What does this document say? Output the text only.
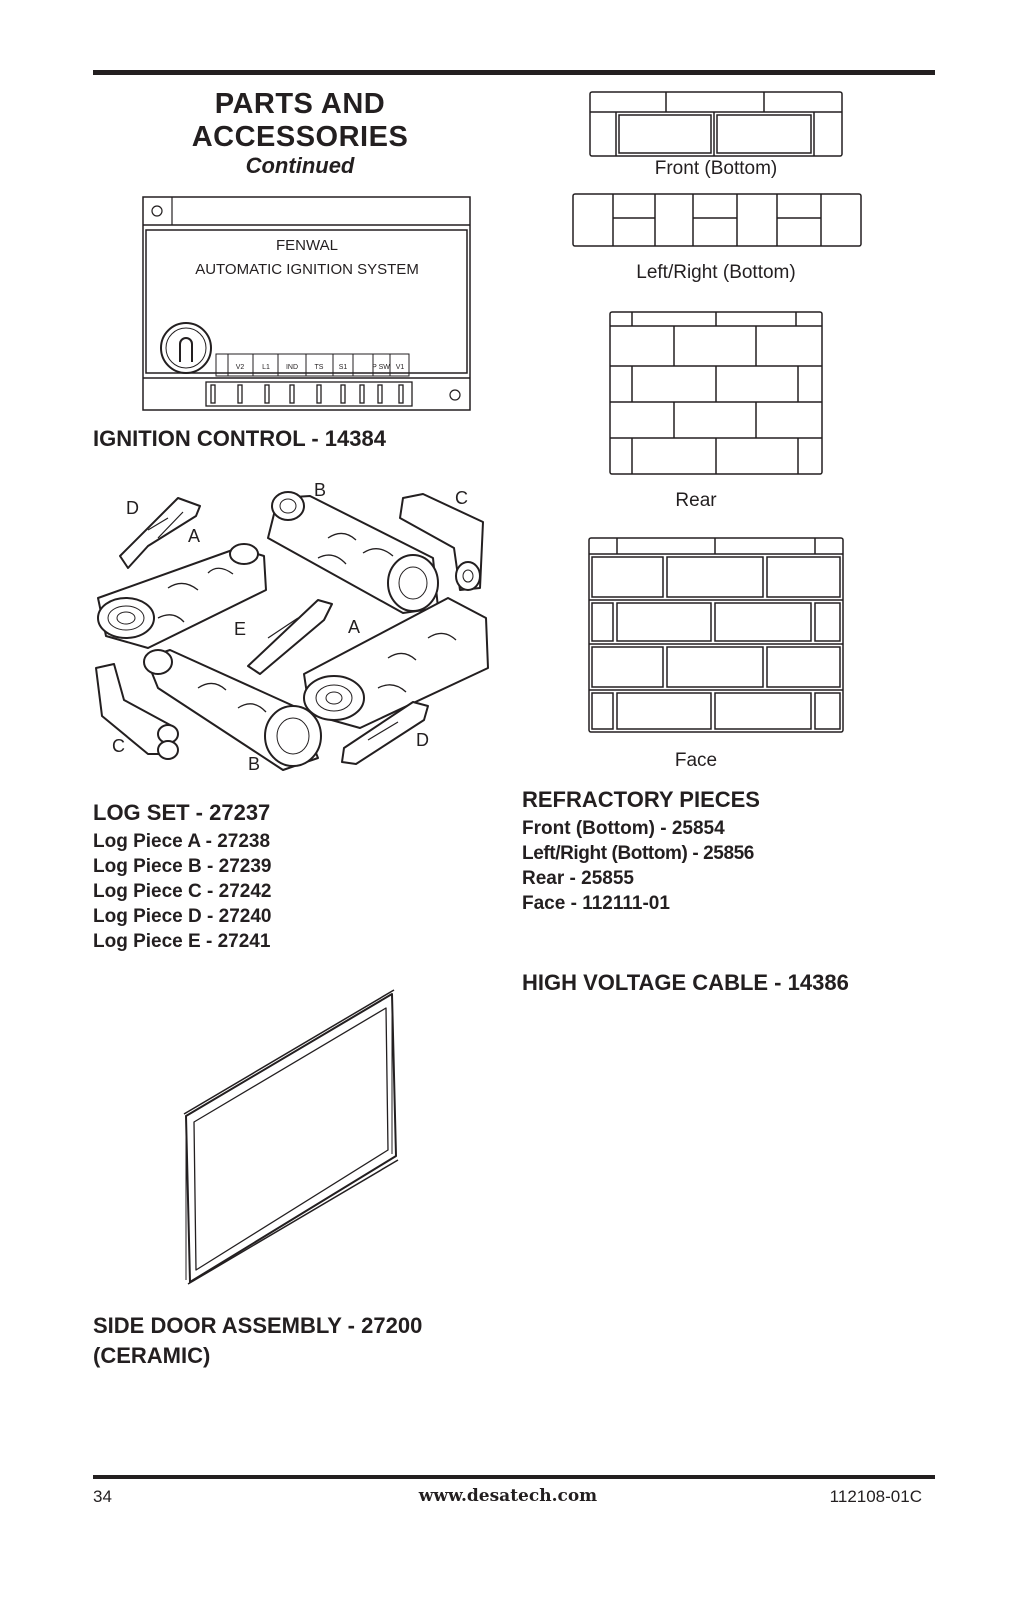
PARTS AND
ACCESSORIES
Continued
FENWAL
AUTOMATIC IGNITION SYSTEM
V2	L1 IND TS S1	P SW V1
IGNITION CONTROL - 14384
D
A
B	C
E	A
C
B
D
LOG SET - 27237
Log Piece A - 27238
Log Piece B - 27239
Log Piece C - 27242
Log Piece D - 27240
Log Piece E - 27241
SIDE DOOR ASSEMBLY - 27200
(CERAMIC)
Front (Bottom)
Left/Right (Bottom)
Rear
Face
REFRACTORY PIECES
Front (Bottom) - 25854
Left/Right (Bottom) - 25856
Rear - 25855
Face - 112111-01
HIGH VOLTAGE CABLE - 14386
34	www.desatech.com	112108-01C
